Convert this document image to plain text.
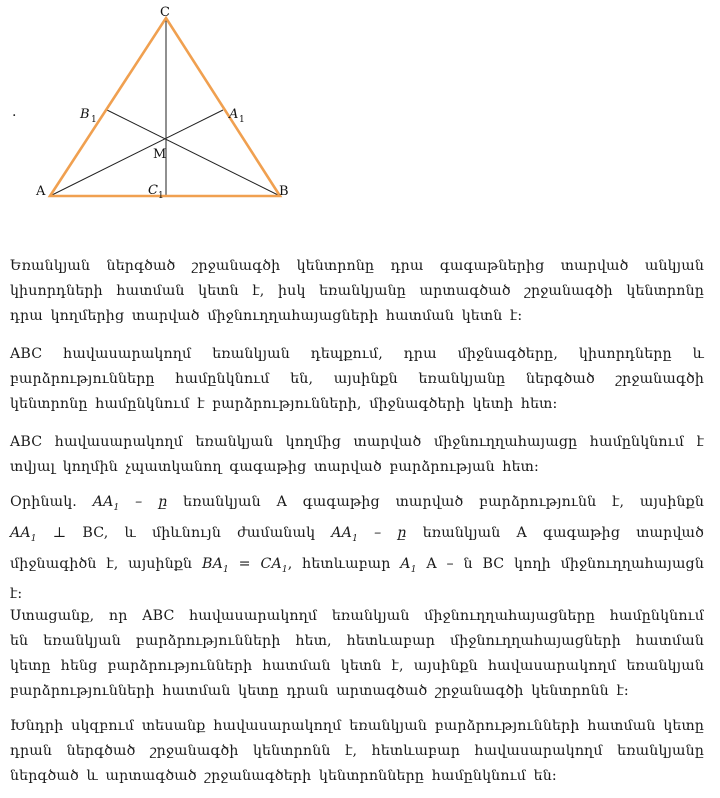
C
A	B
M
B 1	A 1
C 1
.
Եռանկյան ներգծած շրջանագծի կենտրոնը դրա գագաթներից տարված անկյան
կիսորդների հատման կետն է, իսկ եռանկյանը արտագծած շրջանագծի կենտրոնը
դրա կողմերից տարված միջնուղղահայացների հատման կետն է:
ABC հավասարակողմ եռանկյան դեպքում, դրա միջնագծերը, կիսորդները և
բարձրությունները համընկնում են, այսինքն եռանկյանը ներգծած շրջանագծի
կենտրոնը համընկնում է բարձրությունների, միջնագծերի կետի հետ:
ABC հավասարակողմ եռանկյան կողմից տարված միջնուղղահայացը համընկնում է
տվյալ կողմին չպատկանող գագաթից տարված բարձրության հետ:
Օրինակ. $AA_1$ – ը եռանկյան A գագաթից տարված բարձրությունն է, այսինքն
$AA_1$ ⊥ BC, և միևնույն ժամանակ $AA_1$ – ը եռանկյան A գագաթից տարված
միջնագիծն է, այսինքն $BA_1 = CA_1$, հետևաբար $A_1$ A – ն BC կողի միջնուղղահայացն
է:
Ստացանք, որ ABC հավասարակողմ եռանկյան միջնուղղահայացները համընկնում
են եռանկյան բարձրությունների հետ, հետևաբար միջնուղղահայացների հատման
կետը հենց բարձրությունների հատման կետն է, այսինքն հավասարակողմ եռանկյան
բարձրությունների հատման կետը դրան արտագծած շրջանագծի կենտրոնն է:
Խնդրի սկզբում տեսանք հավասարակողմ եռանկյան բարձրությունների հատման կետը
դրան ներգծած շրջանագծի կենտրոնն է, հետևաբար հավասարակողմ եռանկյանը
ներգծած և արտագծած շրջանագծերի կենտրոնները համընկնում են:
